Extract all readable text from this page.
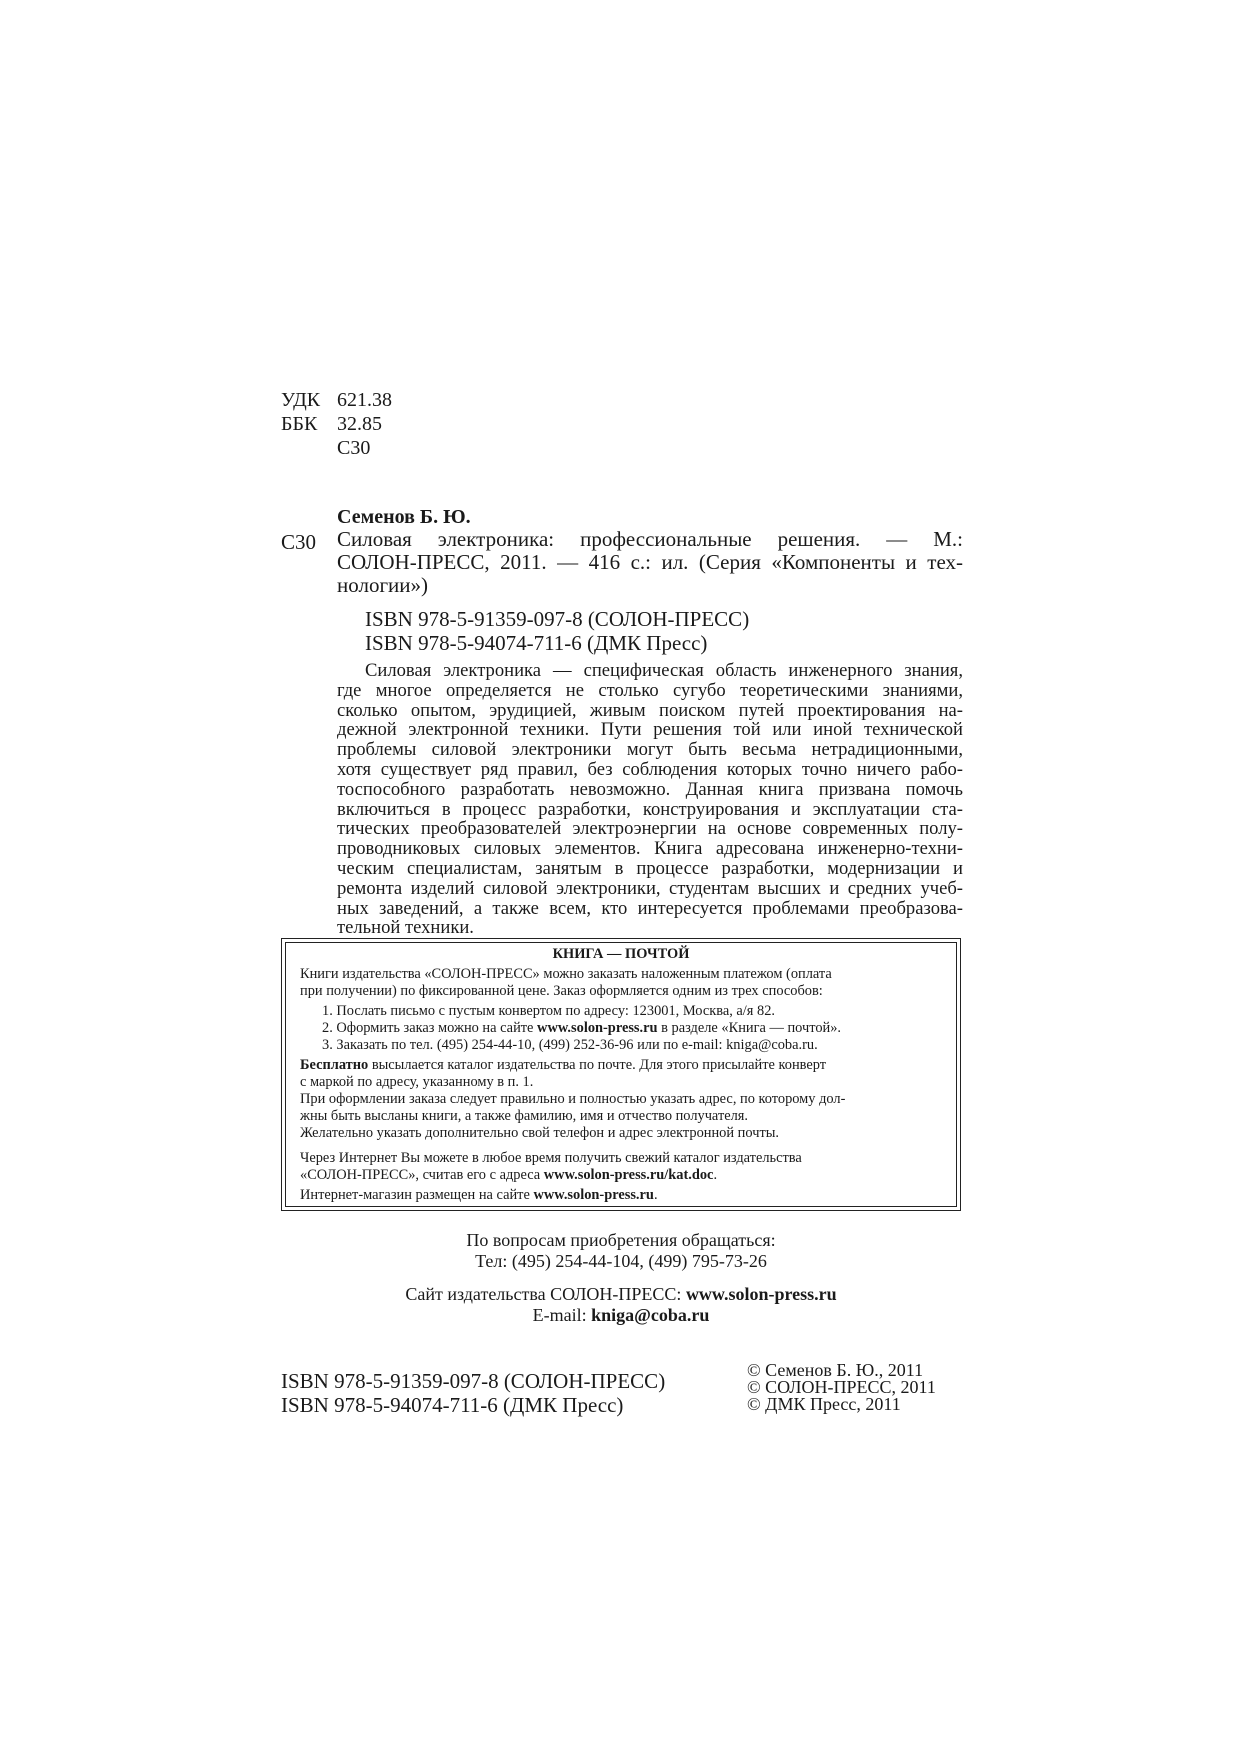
УДК 621.38
ББК 32.85
С30
Семенов Б. Ю.
С30 Силовая электроника: профессиональные решения. — М.:
СОЛОН-ПРЕСС, 2011. — 416 с.: ил. (Серия «Компоненты и тех-
нологии»)
ISBN 978-5-91359-097-8 (СОЛОН-ПРЕСС)
ISBN 978-5-94074-711-6 (ДМК Пресс)
Силовая электроника — специфическая область инженерного знания,
где многое определяется не столько сугубо теоретическими знаниями,
сколько опытом, эрудицией, живым поиском путей проектирования на-
дежной электронной техники. Пути решения той или иной технической
проблемы силовой электроники могут быть весьма нетрадиционными,
хотя существует ряд правил, без соблюдения которых точно ничего рабо-
тоспособного разработать невозможно. Данная книга призвана помочь
включиться в процесс разработки, конструирования и эксплуатации ста-
тических преобразователей электроэнергии на основе современных полу-
проводниковых силовых элементов. Книга адресована инженерно-техни-
ческим специалистам, занятым в процессе разработки, модернизации и
ремонта изделий силовой электроники, студентам высших и средних учеб-
ных заведений, а также всем, кто интересуется проблемами преобразова-
тельной техники.
КНИГА — ПОЧТОЙ
Книги издательства «СОЛОН-ПРЕСС» можно заказать наложенным платежом (оплата
при получении) по фиксированной цене. Заказ оформляется одним из трех способов:
1. Послать письмо с пустым конвертом по адресу: 123001, Москва, а/я 82.
2. Оформить заказ можно на сайте www.solon-press.ru в разделе «Книга — почтой».
3. Заказать по тел. (495) 254-44-10, (499) 252-36-96 или по e-mail: kniga@coba.ru.
Бесплатно высылается каталог издательства по почте. Для этого присылайте конверт
с маркой по адресу, указанному в п. 1.
При оформлении заказа следует правильно и полностью указать адрес, по которому дол-
жны быть высланы книги, а также фамилию, имя и отчество получателя.
Желательно указать дополнительно свой телефон и адрес электронной почты.
Через Интернет Вы можете в любое время получить свежий каталог издательства
«СОЛОН-ПРЕСС», считав его с адреса www.solon-press.ru/kat.doc.
Интернет-магазин размещен на сайте www.solon-press.ru.
По вопросам приобретения обращаться:
Тел: (495) 254-44-104, (499) 795-73-26
Сайт издательства СОЛОН-ПРЕСС: www.solon-press.ru
E-mail: kniga@coba.ru
ISBN 978-5-91359-097-8 (СОЛОН-ПРЕСС)
ISBN 978-5-94074-711-6 (ДМК Пресс)
© Семенов Б. Ю., 2011
© СОЛОН-ПРЕСС, 2011
© ДМК Пресс, 2011
